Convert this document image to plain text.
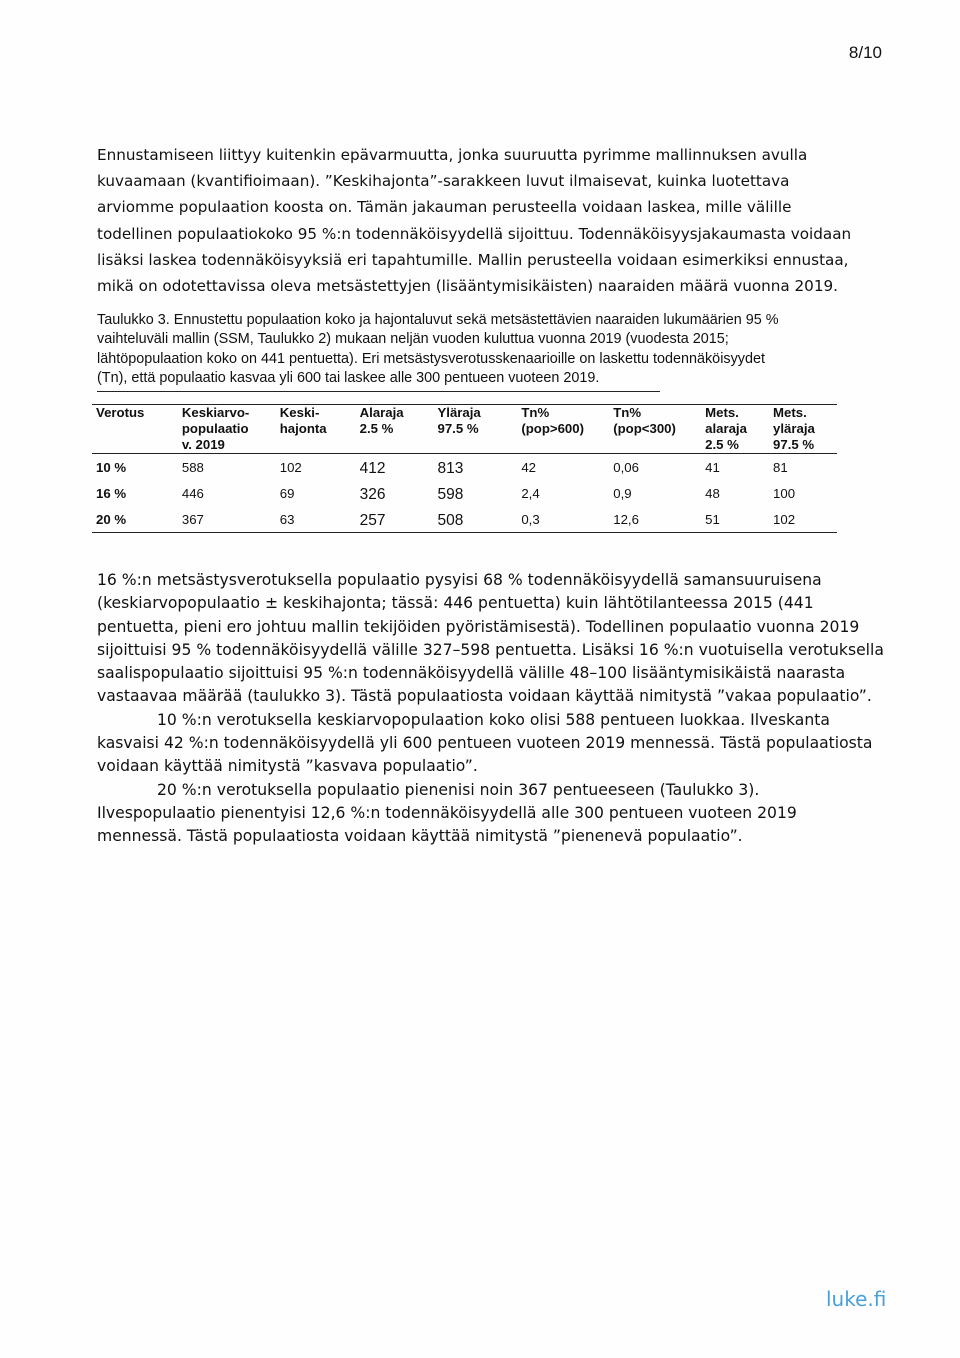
8/10

Ennustamiseen liittyy kuitenkin epävarmuutta, jonka suuruutta pyrimme mallinnuksen avulla
kuvaamaan (kvantifioimaan). ”Keskihajonta”-sarakkeen luvut ilmaisevat, kuinka luotettava
arviomme populaation koosta on. Tämän jakauman perusteella voidaan laskea, mille välille
todellinen populaatiokoko 95 %:n todennäköisyydellä sijoittuu. Todennäköisyysjakaumasta voidaan
lisäksi laskea todennäköisyyksiä eri tapahtumille. Mallin perusteella voidaan esimerkiksi ennustaa,
mikä on odotettavissa oleva metsästettyjen (lisääntymisikäisten) naaraiden määrä vuonna 2019.

Taulukko 3. Ennustettu populaation koko ja hajontaluvut sekä metsästettävien naaraiden lukumäärien 95 %
vaihteluväli mallin (SSM, Taulukko 2) mukaan neljän vuoden kuluttua vuonna 2019 (vuodesta 2015;
lähtöpopulaation koko on 441 pentuetta). Eri metsästysverotusskenaarioille on laskettu todennäköisyydet
(Tn), että populaatio kasvaa yli 600 tai laskee alle 300 pentueen vuoteen 2019.

Verotus	Keskiarvo-
populaatio
v. 2019	Keski-
hajonta	Alaraja
2.5 %	Yläraja
97.5 %	Tn%
(pop>600)	Tn%
(pop<300)	Mets.
alaraja
2.5 %	Mets.
yläraja
97.5 %

10 %	588	102	412	813	42	0,06	41	81
16 %	446	69	326	598	2,4	0,9	48	100
20 %	367	63	257	508	0,3	12,6	51	102

16 %:n metsästysverotuksella populaatio pysyisi 68 % todennäköisyydellä samansuuruisena
(keskiarvopopulaatio ± keskihajonta; tässä: 446 pentuetta) kuin lähtötilanteessa 2015 (441
pentuetta, pieni ero johtuu mallin tekijöiden pyöristämisestä). Todellinen populaatio vuonna 2019
sijoittuisi 95 % todennäköisyydellä välille 327–598 pentuetta. Lisäksi 16 %:n vuotuisella verotuksella
saalispopulaatio sijoittuisi 95 %:n todennäköisyydellä välille 48–100 lisääntymisikäistä naarasta
vastaavaa määrää (taulukko 3). Tästä populaatiosta voidaan käyttää nimitystä ”vakaa populaatio”.
10 %:n verotuksella keskiarvopopulaation koko olisi 588 pentueen luokkaa. Ilveskanta
kasvaisi 42 %:n todennäköisyydellä yli 600 pentueen vuoteen 2019 mennessä. Tästä populaatiosta
voidaan käyttää nimitystä ”kasvava populaatio”.
20 %:n verotuksella populaatio pienenisi noin 367 pentueeseen (Taulukko 3).
Ilvespopulaatio pienentyisi 12,6 %:n todennäköisyydellä alle 300 pentueen vuoteen 2019
mennessä. Tästä populaatiosta voidaan käyttää nimitystä ”pienenevä populaatio”.

luke.fi
